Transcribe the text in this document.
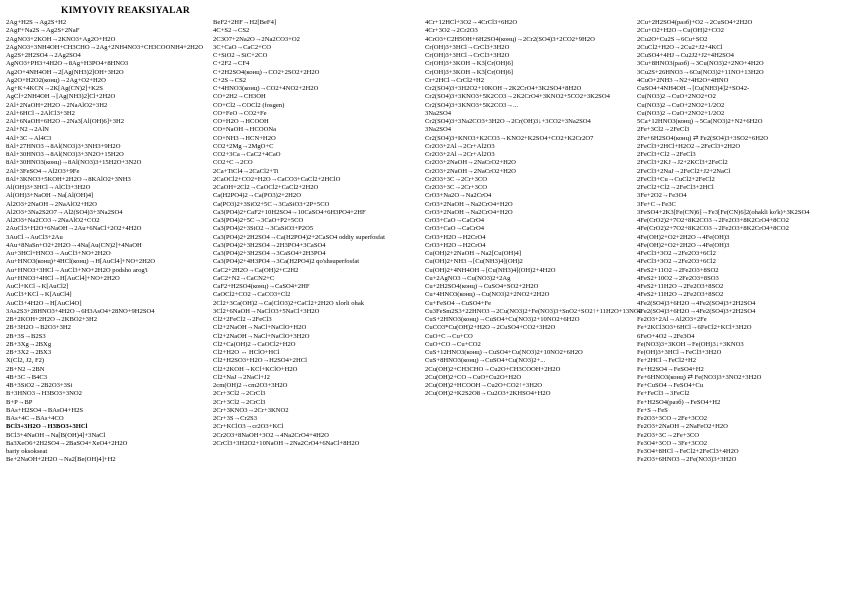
KIMYOVIY REAKSIYALAR
2Ag+H2S→Ag2S+H2
2AgF+Na2S→Ag2S+2NaF
2AgNO3+2KOH→2KNO3+Ag2O+H2O
2AgNO3+3NH4OH+CH3CHO→2Ag+2NH4NO3+CH3COONH4+2H2O
Ag2S+2H2SO4→2Ag2SO4
AgNO3+PH3+4H2O→8Ag+H3PO4+8HNO3
Ag2O+4NH4OH→2[Ag(NH3)2]OH+3H2O
Ag2O+H2O2(конц)→2Ag+O2+H2O
Ag+K+4KCN→2K[Ag(CN)2]+K2S
AgCl+2NH4OH→[Ag(NH3)2]Cl+2H2O
2Al+2NaOH+2H2O→2NaAlO2+3H2
2Al+6HCl→2AlCl3+3H2
2Al+6NaOH+6H2O→2Na3[Al(OH)6]+3H2
2Al+N2→2AlN
4Al+3C→Al4C3
8Al+27HNO3→8Al(NO3)3+3NH3+9H2O
8Al+30HNO3→8Al(NO3)3+3N2O+15H2O
8Al+30HNO3(конц)→8Al(NO3)3+15H2O+3N2O
2Al+3FeSO4→Al2O3+9Fe
8Al+3KNO3+5KOH+2H2O→8KAlO2+3NH3
Al(OH)3+3HCl→AlCl3+3H2O
Al(OH)3+NaOH→Na[Al(OH)4]
Al2O3+2NaOH→2NaAlO2+H2O
Al2O3+3Na2S2O7→Al2(SO4)3+3Na2SO4
Al2O3+Na2CO3→2NaAlO2+CO2
2AuCl3+H2O+6NaOH→2Au+6NaCl+2O2+4H2O
3AuCl→AuCl3+2Au
4Au+8NaSn+O2+2H2O→4Na[Au(CN)2]+4NaOH
Au+3HCl+HNO3→AuCl3+NO+2H2O
Au+HNO3(конц)+4HCl(конц)→H[AuCl4]+NO+2H2O
Au+HNO3+3HCl→AuCl3+NO+2H2O podsho arog'i
Au+HNO3+4HCl→H[AuCl4]+NO+2H2O
AuCl+KCl→K[AuCl2]
AuCl3+KCl→K[AuCl4]
AuCl3+4H2O→H[AuCl4O]
3As2S3+28HNO3+4H2O→6H3AsO4+28NO+9H2SO4
2B+2KOH+2H2O→2KBO2+3H2
2B+3H2O→B2O3+3H2
2B+3S→B2S3
2B+3Xg→2BXg
2B+3X2→2BX3
X(Cl2, J2, F2)
2B+N2→2BN
4B+3C→B4C3
4B+3SiO2→2B2O3+3Si
B+3HNO3→H3BO3+3NO2
B+P→BP
BAs+H2SO4→BAsO4+H2S
BAs+4C→BAs+4CO
BCl3+3H2O→H3BO3+3HCl
BCl3+4NaOH→Na[B(OH)4]+3NaCl
Ba3XeO6+2H2SO4→2BaSO4+XeO4+2H2O
bariy oksokseat
Be+2NaOH+2H2O→Na2[Be(OH)4]+H2
BeF2+2HF→H2[BeF4]
4C+S2→CS2
2C3O7+2Na2O→2Na2CO3+O2
3C+CaO→CaC2+CO
C+SiO2→SiC+2CO
C+2F2→CF4
C+2H2SO4(конц)→CO2+2SO2+2H2O
C+2S→CS2
C+4HNO3(конц)→CO2+4NO2+2H2O
CO+2H2→CH3OH
CO+Cl2→COCl2 (fosgen)
CO+FeO→CO2+Fe
CO+H2O→HCOOH
CO+NaOH→HCOONa
CO+NH3→HCN+H2O
CO2+2Mg→2MgO+C
CO2+3Ca→CaC2+4CaO
CO2+C→2CO
2Ca+TiCl4→2CaCl2+Ti
2CaOCl2+CO2+H2O→CaCO3+CaCl2+2HClO
2CaOH+2Cl2→CaOCl2+CaCl2+2H2O
Ca(H2PO4)2→Ca(PO3)2+2H2O
Ca(PO3)2+3SiO2+5C→3CaSiO3+2P+5CO
Ca3(PO4)2+CaF2+10H2SO4→10CaSO4+6H3PO4+2HF
Ca3(PO4)2+5C→3CaO+P2+5CO
Ca3(PO4)2+3SiO2→3CaSiO3+P2O5
Ca3(PO4)2+2H2SO4→Ca(H2PO4)2+2CaSO4 oddiy superfosfat
Ca3(PO4)2+3H2SO4→2H3PO4+3CaSO4
Ca3(PO4)2+3H2SO4→3CaSO4+2H3PO4
Ca3(PO4)2+4H3PO4→3Ca(H2PO4)2 qo'shsuperfosfat
CaC2+2H2O→Ca(OH)2+C2H2
CaC2+N2→CaCN2+C
CaF2+H2SO4(конц)→CaSO4+2HF
CaOCl2+CO2→CaCO3+Cl2
2Cl2+3Ca(OH)2→Ca(ClO3)2+CaCl2+2H2O xlorli ohak
3Cl2+6NaOH→NaClO3+5NaCl+3H2O
Cl2+2FeCl2→2FeCl3
Cl2+2NaOH→NaCl+NaClO+H2O
Cl2+2NaOH→NaCl+NaClO+3H2O
Cl2+Ca(OH)2→CaOCl2+H2O
Cl2+H2O ↔ HClO+HCl
Cl2+H2SO3+H2O→H2SO4+2HCl
Cl2+2KOH→KCl+KClO+H2O
Cl2+NaJ→2NaCl+J2
2cm(OH)2→cm2O3+3H2O
2Cr+3Cl2→2CrCl3
2Cr+3Cl2→2CrCl3
2Cr+3KNO3→2Cr+3KNO2
2Cr+3S→Cr2S3
2Cr+KClO3→cr2O3+KCl
2Cr2O3+8NaOH+3O2→4Na2CrO4+4H2O
2CrCl3+3H2O2+10NaOH→2Na2CrO4+6NaCl+8H2O
4Cr+12HCl+3O2→4CrCl3+6H2O
4Cr+3O2→2Cr2O3
4CrO3+C2H5OH+6H2SO4(конц)→2Cr2(SO4)3+2CO2+9H2O
Cr(OH)3+3HCl→CrCl3+3H2O
Cr(OH)3+3HCl→CrCl3+3H2O
Cr(OH)3+3KOH→K3[Cr(OH)6]
Cr(OH)3+3KOH→K3[Cr(OH)6]
Cr+2HCl→CrCl2+H2
Cr2(SO4)3+3H2O2+10KOH→2K2CrO4+3K2SO4+8H2O
Cr2(SO4)3+3KNO3+5K2CO3→2K2CrO4+3KNO2+5CO2+3K2SO4
Cr2(SO4)3+3KNO3+5K2CO3→...
3Na2SO4
Cr2(SO4)3+3Na2CO3+3H2O→2Cr(OH)3↓+3CO2+3Na2SO4
3Na2SO4
Cr2(SO4)3+KNO3+K2CO3→KNO2+K2SO4+CO2+K2Cr2O7
Cr2O3+2Al→2Cr+Al2O3
Cr2O3+2Al→2Cr+Al2O3
Cr2O3+2NaOH→2NaCrO2+H2O
Cr2O3+2NaOH→2NaCrO2+H2O
Cr2O3+3C→2Cr+3CO
Cr2O3+3C→2Cr+3CO
CrO3+Na2O→Na2CrO4
CrO3+2NaOH→Na2CrO4+H2O
CrO3+2NaOH→Na2CrO4+H2O
CrO3+CaO→CaCrO4
CrO3+CaO→CaCrO4
CrO3+H2O→H2CrO4
CrO3+H2O→H2CrO4
Cu(OH)2+2NaOH→Na2[Cu(OH)4]
Cu(OH)2+NH3→[Cu(NH3)4](OH)2
Cu(OH)2+4NH4OH→[Cu(NH3)4](OH)2+4H2O
Cu+2AgNO3→Cu(NO3)2+2Ag
Cu+2H2SO4(конц)→CuSO4+SO2+2H2O
Cu+4HNO3(конц)→Cu(NO3)2+2NO2+2H2O
Cu+FeSO4→CuSO4+Fe
Cu3FeSm2S3+22HNO3→2Cu(NO3)2+Fe(NO3)3+SnO2+SO2↑+11H2O+13NO2
CuS+2HNO3(конц)→CuSO4+Cu(NO3)2+10NO2+6H2O
CuCO3*Cu(OH)2+H2O→2CuSO4+CO2+3H2O
CuO+C→Cu+CO
CuO+CO→Cu+CO2
CuS+12HNO3(конц)→CuSO4+Cu(NO3)2+10NO2+6H2O
CuS+8HNO3(конц)→CuSO4+Cu(NO3)2+...
2Cu(OH)2+CH3CHO→Cu2O+CH3COOH+2H2O
2Cu(OH)2+CO→CuO+Cu2O+H2O
2Cu(OH)2+HCOOH→Cu2O+CO2↑+3H2O
2Cu(OH)2+K2S2O8→Cu2O3+2KHSO4+H2O
2Cu+2H2SO4(разб)+O2→2CuSO4+2H2O
2Cu+O2+H2O→Cu(OH)2+CO2
2Cu2O+Cu2S→6Cu+SO2
2CuCl2+H2O→2Cu2+J2+4KCl
2CuSO4+4HJ→Cu2J2+J2+4H2SO4
3Cu+8HNO3(разб)→3Cu(NO3)2+2NO+4H2O
3Cu2S+26HNO3→6Cu(NO3)2+11NO+13H2O
4CuO+2NH3→N2+4H2O+4HNO
CuSO4+4NH4OH→[Cu(NH3)4]2+SO42-
Cu(NO3)2→CuO+2NO2+O2
Cu(NO3)2→CuO+2NO2+1/2O2
Cu(NO3)2→CuO+2NO2+1/2O2
5Ca+12HNO3(конц)→5Ca(NO3)2+N2+6H2O
2Fe+3Cl2→2FeCl3
2Fe+6H2SO4(конц) ⇄ Fe2(SO4)3+3SO2+6H2O
2FeCl3+2HCl+H2O2→2FeCl3+2H2O
2FeCl3+Cl2→2FeCl3
2FeCl3+2KJ→J2+2KCl3+2FeCl2
2FeCl3+2NaJ→2FeCl2+J2+2NaCl
2FeCl3+Cu→CuCl2+2FeCl2
2FeCl2+Cl2→2FeCl3+2HCl
3Fe+2O2→Fe3O4
3Fe+C→Fe3C
3FeSO4+2K3[Fe(CN)6]→Fe3[Fe(CN)6]2(ohakli ko'k)+3K2SO4
4Fe(CrO2)2+7O2+8K2CO3→2Fe2O3+8K2CrO4+8CO2
4Fe(CrO2)2+7O2+8K2CO3→2Fe2O3+8K2CrO4+8CO2
4Fe(OH)2+O2+2H2O→4Fe(OH)3
4Fe(OH)2+O2+2H2O→4Fe(OH)3
4FeCl3+3O2→2Fe2O3+6Cl2
4FeCl3+3O2→2Fe2O3+6Cl2
4FeS2+11O2→2Fe2O3+8SO2
4FeS2+10O2→2Fe2O3+8SO3
4FeS2+11H2O→2Fe2O3+8SO2
4FeS2+11H2O→2Fe2O3+8SO2
4Fe2(SO4)3+6H2O→4Fe2(SO4)3+2H2SO4
4Fe2(SO4)3+6H2O→4Fe2(SO4)3+2H2SO4
Fe2O3+2Al→Al2O3+2Fe
Fe+2KCl3O3+6HCl→6FeCl2+KCl+3H2O
6FeO+4O2→2Fe3O4
Fe(NO3)3+3KOH→Fe(OH)3↓+3KNO3
Fe(OH)3+3HCl→FeCl3+3H2O
Fe+2HCl→FeCl2+H2
Fe+H2SO4→FeSO4+H2
Fe+6HNO3(конц) ⇄ Fe(NO3)3+3NO2+3H2O
Fe+CuSO4→FeSO4+Cu
Fe+FeCl3→3FeCl2
Fe+H2SO4(разб)→FeSO4+H2
Fe+S→FeS
Fe2O3+3CO→2Fe+3CO2
Fe2O3+2NaOH→2NaFeO2+H2O
Fe2O3+3C→2Fe+3CO
Fe3O4+3CO→3Fe+3CO2
Fe3O4+8HCl→FeCl2+2FeCl3+4H2O
Fe2O3+6HNO3→2Fe(NO3)3+3H2O
